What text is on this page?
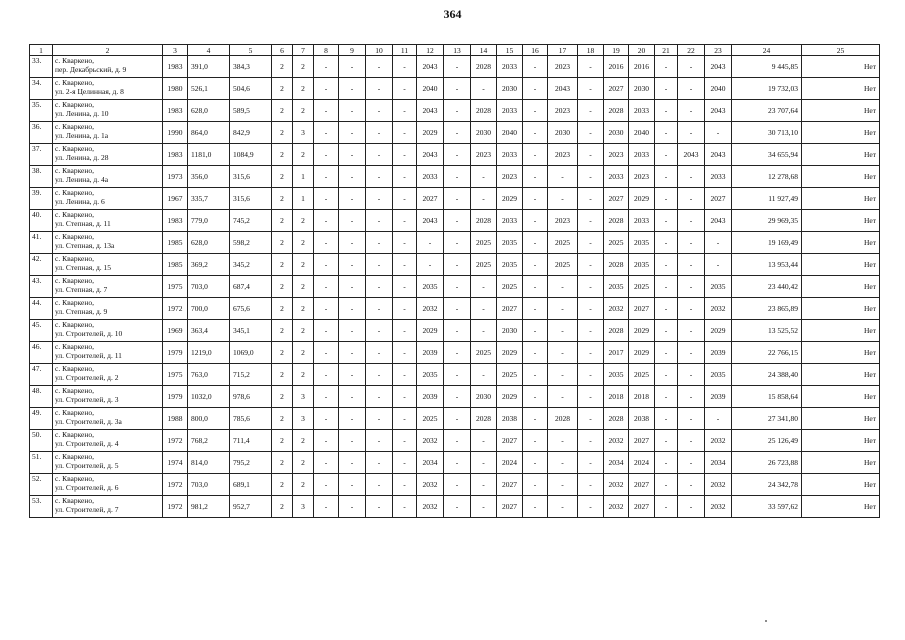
364
1	2	3	4	5	6	7	8	9	10	11	12	13	14	15	16	17	18	19	20	21	22	23	24	25
33.	с. Кваркено,
пер. Декабрьский, д. 9	1983	391,0	384,3	2	2	-	-	-	-	2043	-	2028	2033	-	2023	-	2016	2016	-	-	2043	9 445,85	Нет
34.	с. Кваркено,
ул. 2-я Целинная, д. 8	1980	526,1	504,6	2	2	-	-	-	-	2040	-	-	2030	-	2043	-	2027	2030	-	-	2040	19 732,03	Нет
35.	с. Кваркено,
ул. Ленина, д. 10	1983	628,0	589,5	2	2	-	-	-	-	2043	-	2028	2033	-	2023	-	2028	2033	-	-	2043	23 707,64	Нет
36.	с. Кваркено,
ул. Ленина, д. 1а	1990	864,0	842,9	2	3	-	-	-	-	2029	-	2030	2040	-	2030	-	2030	2040	-	-	-	30 713,10	Нет
37.	с. Кваркено,
ул. Ленина, д. 28	1983	1181,0	1084,9	2	2	-	-	-	-	2043	-	2023	2033	-	2023	-	2023	2033	-	2043	2043	34 655,94	Нет
38.	с. Кваркено,
ул. Ленина, д. 4а	1973	356,0	315,6	2	1	-	-	-	-	2033	-	-	2023	-	-	-	2033	2023	-	-	2033	12 278,68	Нет
39.	с. Кваркено,
ул. Ленина, д. 6	1967	335,7	315,6	2	1	-	-	-	-	2027	-	-	2029	-	-	-	2027	2029	-	-	2027	11 927,49	Нет
40.	с. Кваркено,
ул. Степная, д. 11	1983	779,0	745,2	2	2	-	-	-	-	2043	-	2028	2033	-	2023	-	2028	2033	-	-	2043	29 969,35	Нет
41.	с. Кваркено,
ул. Степная, д. 13а	1985	628,0	598,2	2	2	-	-	-	-	-	-	2025	2035	-	2025	-	2025	2035	-	-	-	19 169,49	Нет
42.	с. Кваркено,
ул. Степная, д. 15	1985	369,2	345,2	2	2	-	-	-	-	-	-	2025	2035	-	2025	-	2028	2035	-	-	-	13 953,44	Нет
43.	с. Кваркено,
ул. Степная, д. 7	1975	703,0	687,4	2	2	-	-	-	-	2035	-	-	2025	-	-	-	2035	2025	-	-	2035	23 440,42	Нет
44.	с. Кваркено,
ул. Степная, д. 9	1972	700,0	675,6	2	2	-	-	-	-	2032	-	-	2027	-	-	-	2032	2027	-	-	2032	23 865,89	Нет
45.	с. Кваркено,
ул. Строителей, д. 10	1969	363,4	345,1	2	2	-	-	-	-	2029	-	-	2030	-	-	-	2028	2029	-	-	2029	13 525,52	Нет
46.	с. Кваркено,
ул. Строителей, д. 11	1979	1219,0	1069,0	2	2	-	-	-	-	2039	-	2025	2029	-	-	-	2017	2029	-	-	2039	22 766,15	Нет
47.	с. Кваркено,
ул. Строителей, д. 2	1975	763,0	715,2	2	2	-	-	-	-	2035	-	-	2025	-	-	-	2035	2025	-	-	2035	24 388,40	Нет
48.	с. Кваркено,
ул. Строителей, д. 3	1979	1032,0	978,6	2	3	-	-	-	-	2039	-	2030	2029	-	-	-	2018	2018	-	-	2039	15 858,64	Нет
49.	с. Кваркено,
ул. Строителей, д. 3а	1988	800,0	785,6	2	3	-	-	-	-	2025	-	2028	2038	-	2028	-	2028	2038	-	-	-	27 341,80	Нет
50.	с. Кваркено,
ул. Строителей, д. 4	1972	768,2	711,4	2	2	-	-	-	-	2032	-	-	2027	-	-	-	2032	2027	-	-	2032	25 126,49	Нет
51.	с. Кваркено,
ул. Строителей, д. 5	1974	814,0	795,2	2	2	-	-	-	-	2034	-	-	2024	-	-	-	2034	2024	-	-	2034	26 723,88	Нет
52.	с. Кваркено,
ул. Строителей, д. 6	1972	703,0	689,1	2	2	-	-	-	-	2032	-	-	2027	-	-	-	2032	2027	-	-	2032	24 342,78	Нет
53.	с. Кваркено,
ул. Строителей, д. 7	1972	981,2	952,7	2	3	-	-	-	-	2032	-	-	2027	-	-	-	2032	2027	-	-	2032	33 597,62	Нет
